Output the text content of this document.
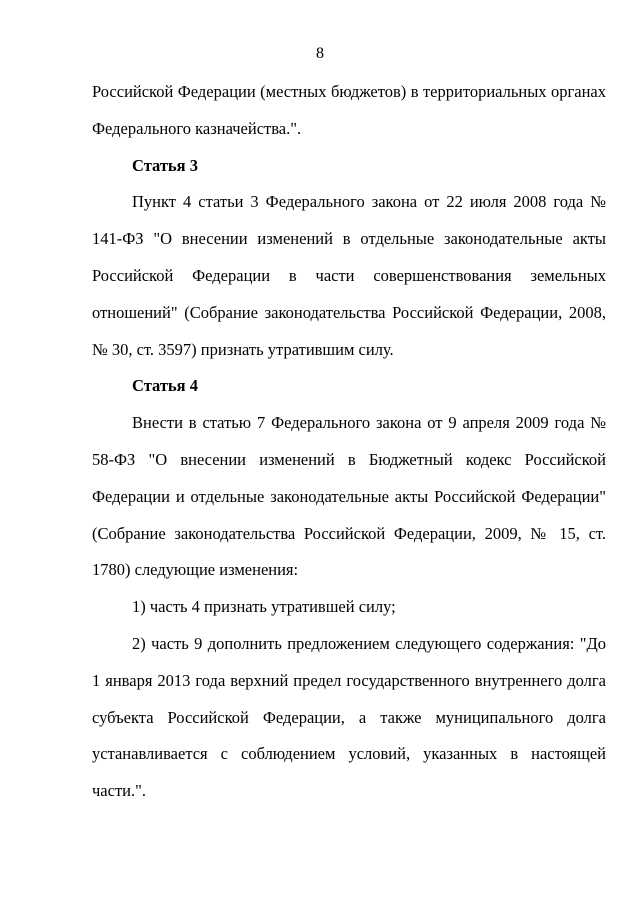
8

Российской Федерации (местных бюджетов) в территориальных органах Федерального казначейства.".

Статья 3

Пункт 4 статьи 3 Федерального закона от 22 июля 2008 года № 141-ФЗ "О внесении изменений в отдельные законодательные акты Российской Федерации в части совершенствования земельных отношений" (Собрание законодательства Российской Федерации, 2008, № 30, ст. 3597) признать утратившим силу.

Статья 4

Внести в статью 7 Федерального закона от 9 апреля 2009 года № 58-ФЗ "О внесении изменений в Бюджетный кодекс Российской Федерации и отдельные законодательные акты Российской Федерации" (Собрание законодательства Российской Федерации, 2009, № 15, ст. 1780) следующие изменения:

1) часть 4 признать утратившей силу;

2) часть 9 дополнить предложением следующего содержания: "До 1 января 2013 года верхний предел государственного внутреннего долга субъекта Российской Федерации, а также муниципального долга устанавливается с соблюдением условий, указанных в настоящей части.".
